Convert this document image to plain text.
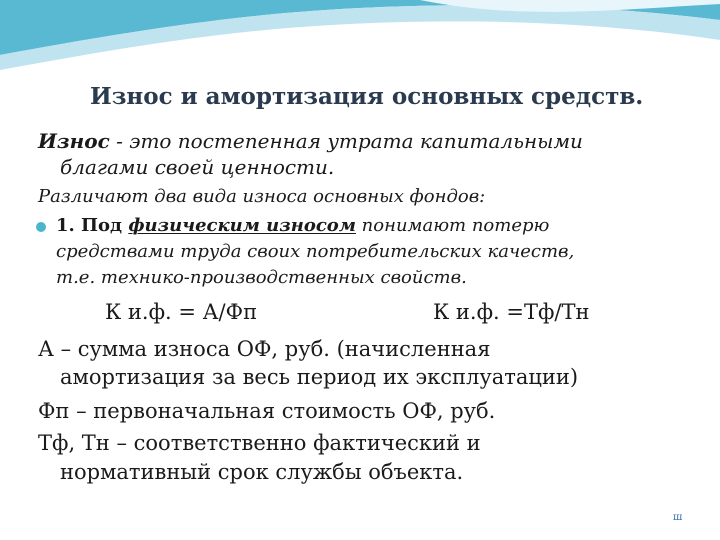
Износ и амортизация основных средств.
Износ - это постепенная утрата капитальными
благами своей ценности.
Различают два вида износа основных фондов:
1. Под физическим износом понимают потерю
средствами труда своих потребительских качеств,
т.е. технико-производственных свойств.
К и.ф. = А/Фп	К и.ф. =Тф/Тн
А – сумма износа ОФ, руб. (начисленная
амортизация за весь период их эксплуатации)
Фп – первоначальная стоимость ОФ, руб.
Тф, Тн – соответственно фактический и
нормативный срок службы объекта.
ш
